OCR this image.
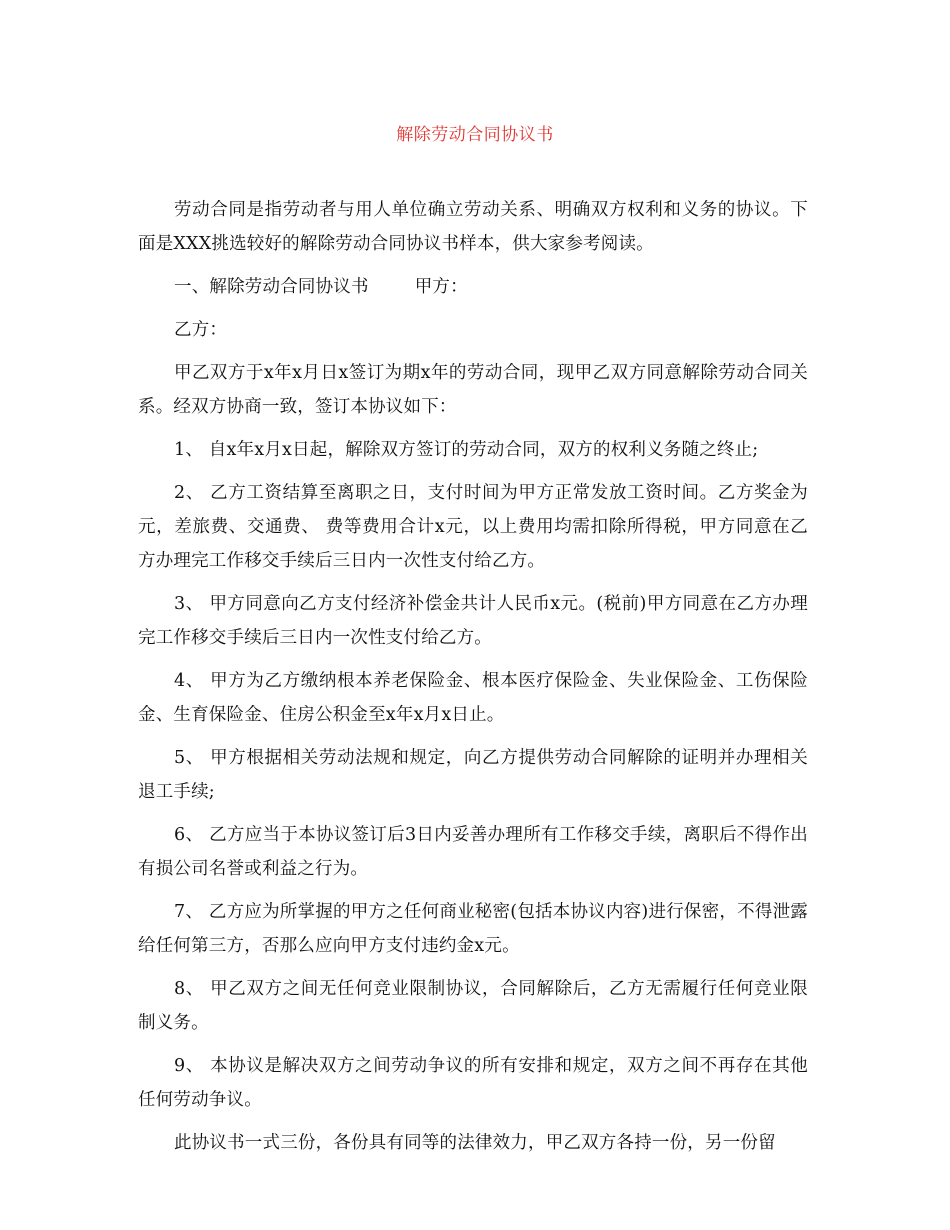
解除劳动合同协议书

劳动合同是指劳动者与用人单位确立劳动关系、明确双方权利和义务的协议。下面是XXX挑选较好的解除劳动合同协议书样本，供大家参考阅读。

一、解除劳动合同协议书	甲方：

乙方：

甲乙双方于x年x月日x签订为期x年的劳动合同，现甲乙双方同意解除劳动合同关系。经双方协商一致，签订本协议如下：

1、 自x年x月x日起，解除双方签订的劳动合同，双方的权利义务随之终止;

2、 乙方工资结算至离职之日，支付时间为甲方正常发放工资时间。乙方奖金为元，差旅费、交通费、 费等费用合计x元，以上费用均需扣除所得税，甲方同意在乙方办理完工作移交手续后三日内一次性支付给乙方。

3、 甲方同意向乙方支付经济补偿金共计人民币x元。(税前)甲方同意在乙方办理完工作移交手续后三日内一次性支付给乙方。

4、 甲方为乙方缴纳根本养老保险金、根本医疗保险金、失业保险金、工伤保险金、生育保险金、住房公积金至x年x月x日止。

5、 甲方根据相关劳动法规和规定，向乙方提供劳动合同解除的证明并办理相关退工手续;

6、 乙方应当于本协议签订后3日内妥善办理所有工作移交手续，离职后不得作出有损公司名誉或利益之行为。

7、 乙方应为所掌握的甲方之任何商业秘密(包括本协议内容)进行保密，不得泄露给任何第三方，否那么应向甲方支付违约金x元。

8、 甲乙双方之间无任何竞业限制协议，合同解除后，乙方无需履行任何竞业限制义务。

9、 本协议是解决双方之间劳动争议的所有安排和规定，双方之间不再存在其他任何劳动争议。

此协议书一式三份，各份具有同等的法律效力，甲乙双方各持一份，另一份留
